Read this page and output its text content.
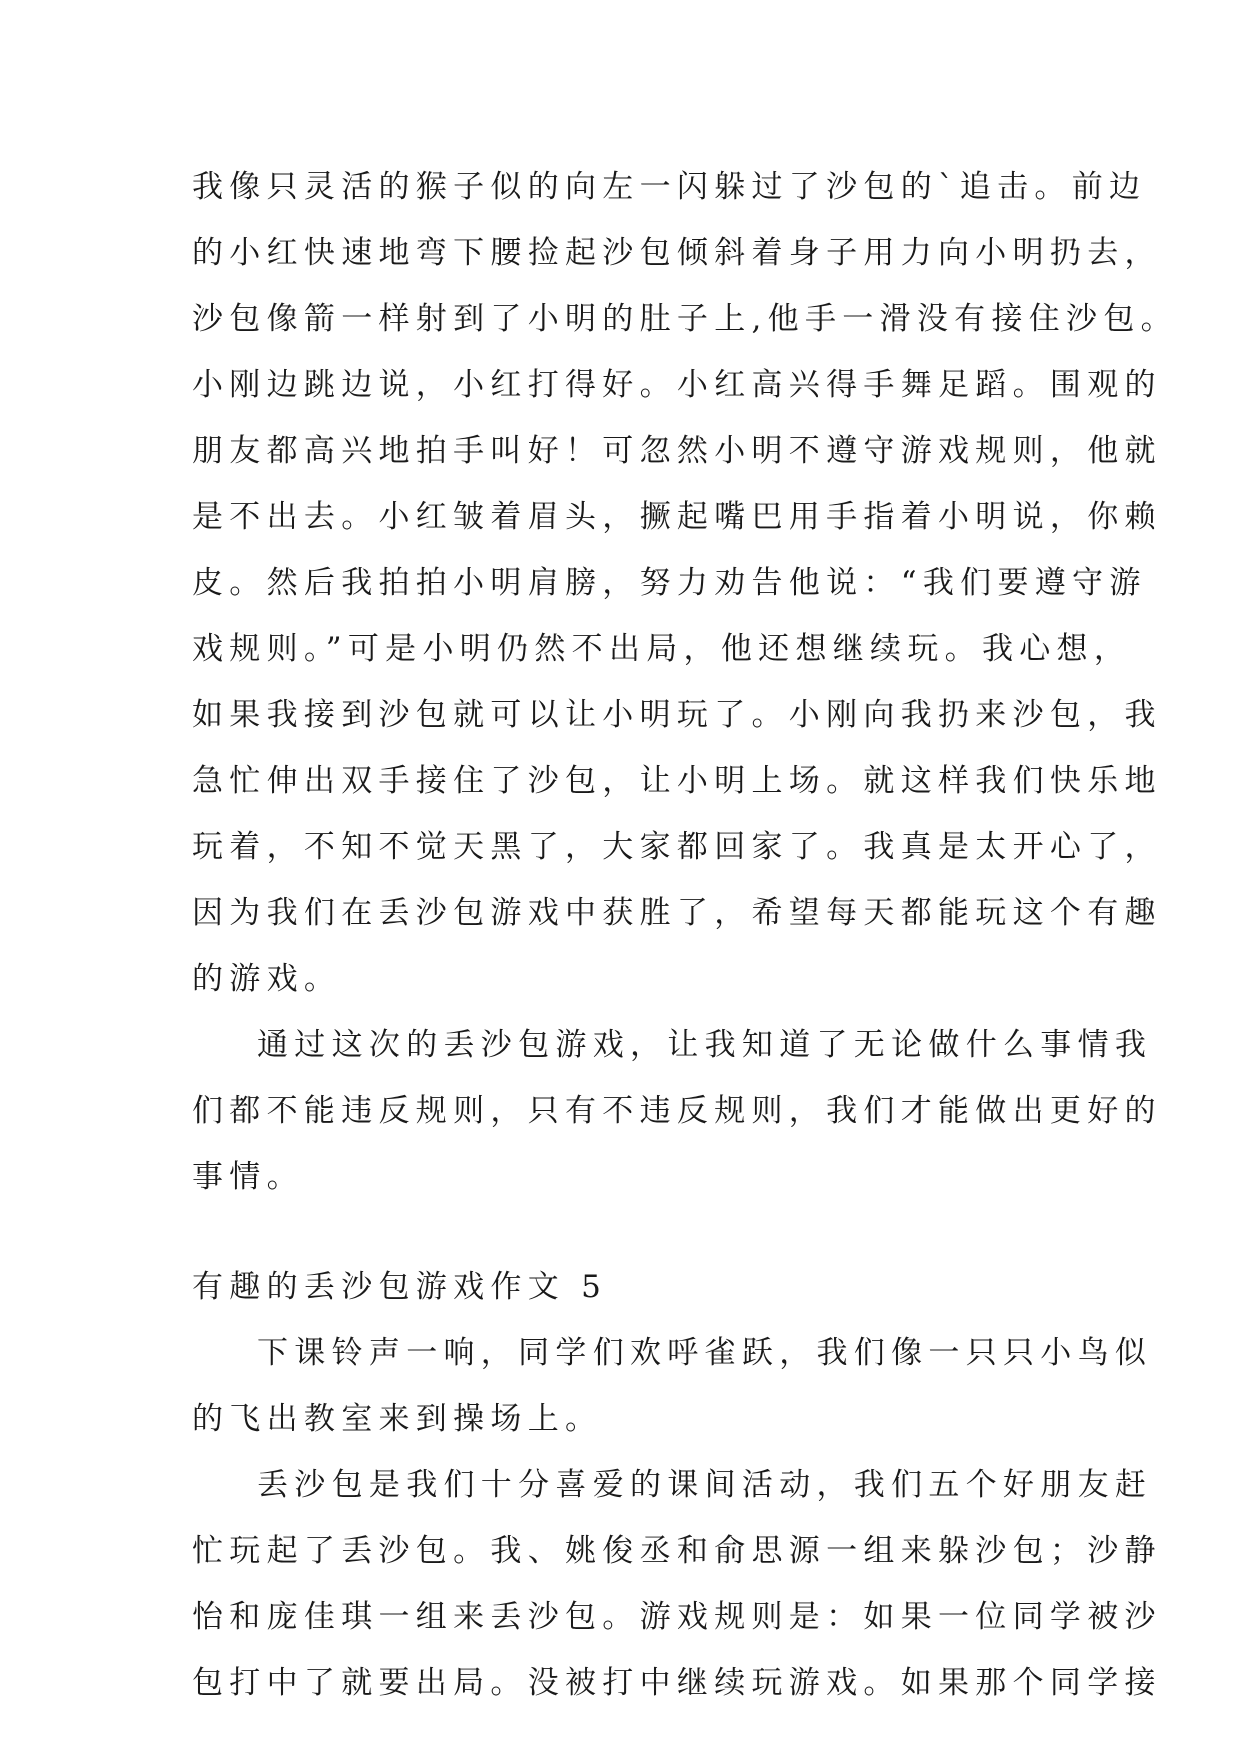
我像只灵活的猴子似的向左一闪躲过了沙包的`追击。前边
的小红快速地弯下腰捡起沙包倾斜着身子用力向小明扔去，
沙包像箭一样射到了小明的肚子上,他手一滑没有接住沙包。
小刚边跳边说，小红打得好。小红高兴得手舞足蹈。围观的
朋友都高兴地拍手叫好！可忽然小明不遵守游戏规则，他就
是不出去。小红皱着眉头，撅起嘴巴用手指着小明说，你赖
皮。然后我拍拍小明肩膀，努力劝告他说：“我们要遵守游
戏规则。”可是小明仍然不出局，他还想继续玩。我心想，
如果我接到沙包就可以让小明玩了。小刚向我扔来沙包，我
急忙伸出双手接住了沙包，让小明上场。就这样我们快乐地
玩着，不知不觉天黑了，大家都回家了。我真是太开心了，
因为我们在丢沙包游戏中获胜了，希望每天都能玩这个有趣
的游戏。
通过这次的丢沙包游戏，让我知道了无论做什么事情我
们都不能违反规则，只有不违反规则，我们才能做出更好的
事情。
有趣的丢沙包游戏作文 5
下课铃声一响，同学们欢呼雀跃，我们像一只只小鸟似
的飞出教室来到操场上。
丢沙包是我们十分喜爱的课间活动，我们五个好朋友赶
忙玩起了丢沙包。我、姚俊丞和俞思源一组来躲沙包；沙静
怡和庞佳琪一组来丢沙包。游戏规则是：如果一位同学被沙
包打中了就要出局。没被打中继续玩游戏。如果那个同学接
